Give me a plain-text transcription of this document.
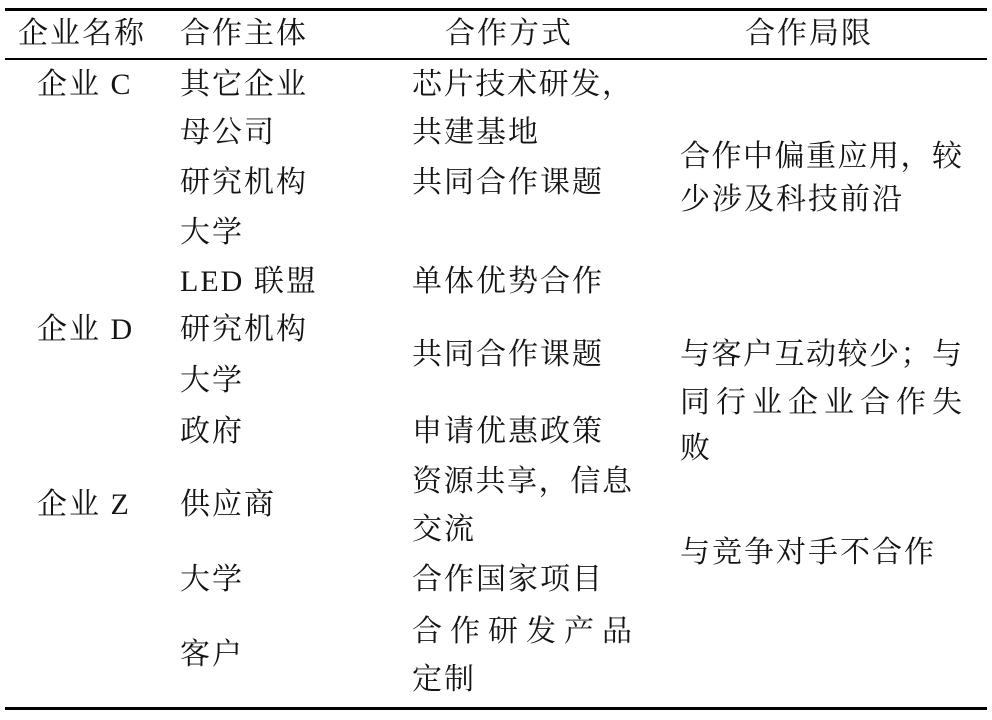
企业名称 合作主体	合作方式	合作局限
企业 C
企业 D
企业 Z
其它企业
母公司
研究机构
大学
LED 联盟
研究机构
大学
政府
供应商
大学
客户
芯片技术研发，
共建基地
共同合作课题
单体优势合作
共同合作课题
申请优惠政策
资源共享，信息
交流
合作国家项目
合作研发产品
定制
合作中偏重应用，较
少涉及科技前沿
与客户互动较少；与
同行业企业合作失
败
与竞争对手不合作
